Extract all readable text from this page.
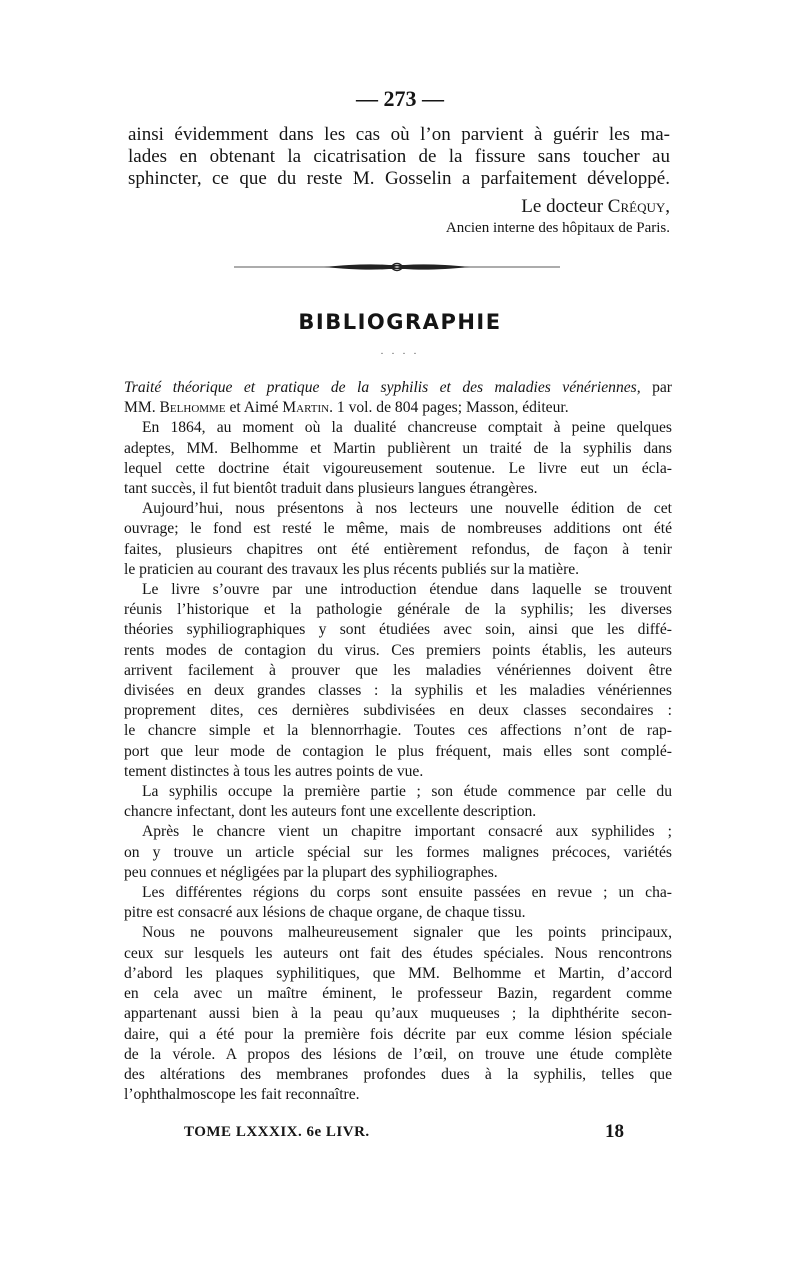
— 273 —
ainsi évidemment dans les cas où l’on parvient à guérir les ma-
lades en obtenant la cicatrisation de la fissure sans toucher au
sphincter, ce que du reste M. Gosselin a parfaitement développé.
Le docteur Créquy,
Ancien interne des hôpitaux de Paris.
BIBLIOGRAPHIE
. . . .
Traité théorique et pratique de la syphilis et des maladies vénériennes, par
MM. Belhomme et Aimé Martin. 1 vol. de 804 pages; Masson, éditeur.
En 1864, au moment où la dualité chancreuse comptait à peine quelques
adeptes, MM. Belhomme et Martin publièrent un traité de la syphilis dans
lequel cette doctrine était vigoureusement soutenue. Le livre eut un écla-
tant succès, il fut bientôt traduit dans plusieurs langues étrangères.
Aujourd’hui, nous présentons à nos lecteurs une nouvelle édition de cet
ouvrage; le fond est resté le même, mais de nombreuses additions ont été
faites, plusieurs chapitres ont été entièrement refondus, de façon à tenir
le praticien au courant des travaux les plus récents publiés sur la matière.
Le livre s’ouvre par une introduction étendue dans laquelle se trouvent
réunis l’historique et la pathologie générale de la syphilis; les diverses
théories syphiliographiques y sont étudiées avec soin, ainsi que les diffé-
rents modes de contagion du virus. Ces premiers points établis, les auteurs
arrivent facilement à prouver que les maladies vénériennes doivent être
divisées en deux grandes classes : la syphilis et les maladies vénériennes
proprement dites, ces dernières subdivisées en deux classes secondaires :
le chancre simple et la blennorrhagie. Toutes ces affections n’ont de rap-
port que leur mode de contagion le plus fréquent, mais elles sont complé-
tement distinctes à tous les autres points de vue.
La syphilis occupe la première partie ; son étude commence par celle du
chancre infectant, dont les auteurs font une excellente description.
Après le chancre vient un chapitre important consacré aux syphilides ;
on y trouve un article spécial sur les formes malignes précoces, variétés
peu connues et négligées par la plupart des syphiliographes.
Les différentes régions du corps sont ensuite passées en revue ; un cha-
pitre est consacré aux lésions de chaque organe, de chaque tissu.
Nous ne pouvons malheureusement signaler que les points principaux,
ceux sur lesquels les auteurs ont fait des études spéciales. Nous rencontrons
d’abord les plaques syphilitiques, que MM. Belhomme et Martin, d’accord
en cela avec un maître éminent, le professeur Bazin, regardent comme
appartenant aussi bien à la peau qu’aux muqueuses ; la diphthérite secon-
daire, qui a été pour la première fois décrite par eux comme lésion spéciale
de la vérole. A propos des lésions de l’œil, on trouve une étude complète
des altérations des membranes profondes dues à la syphilis, telles que
l’ophthalmoscope les fait reconnaître.
TOME LXXXIX. 6e LIVR.	18
